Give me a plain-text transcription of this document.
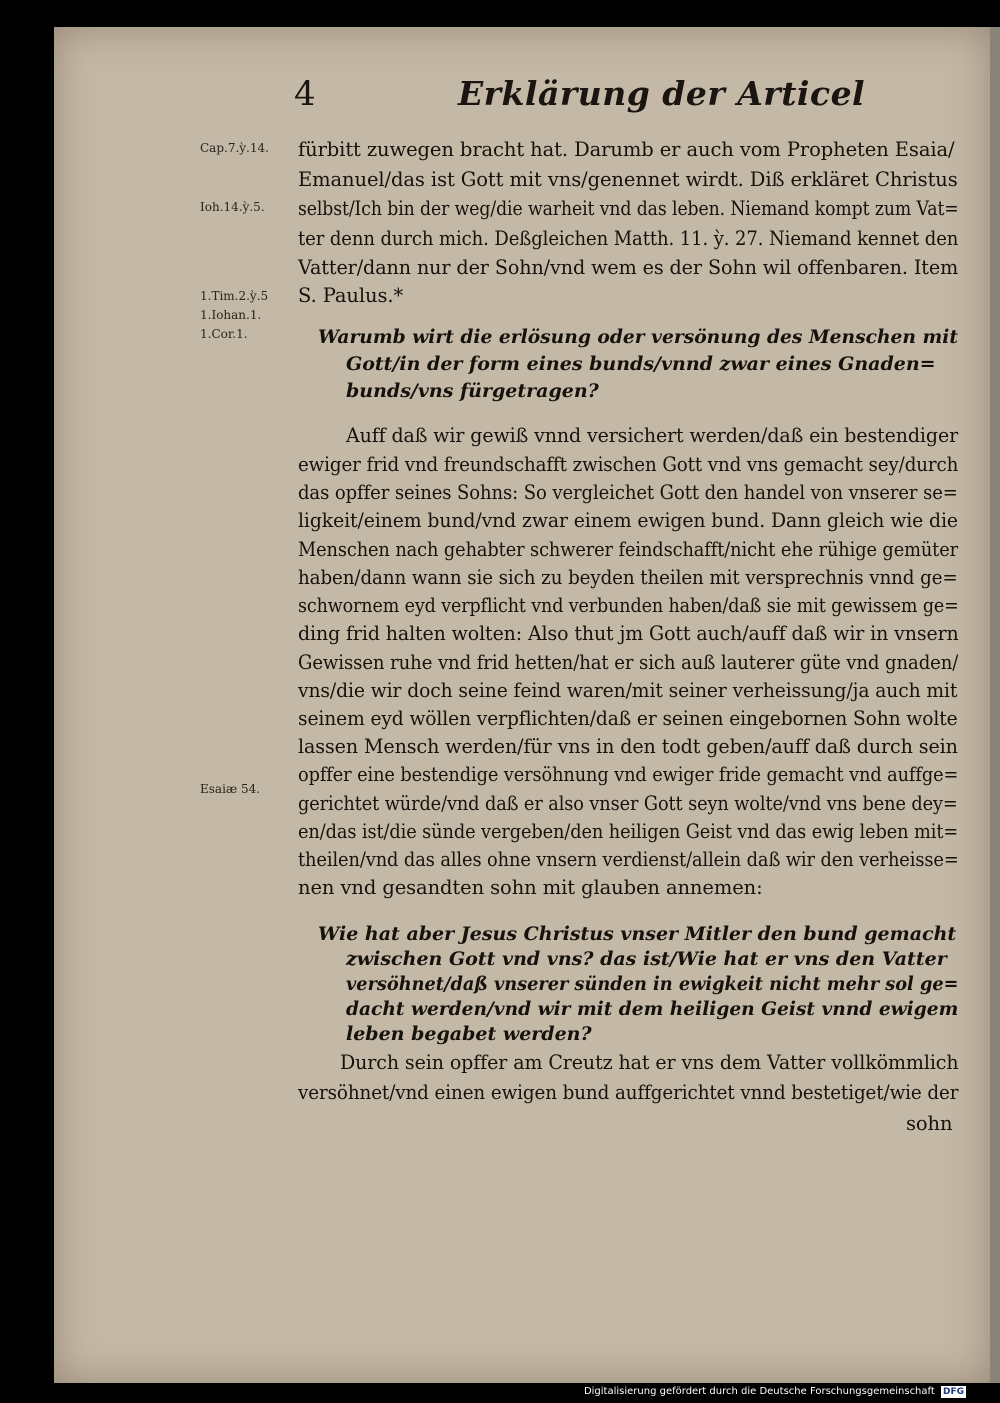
4	Erklärung der Articel
Cap.7.ỳ.14.
Ioh.14.ỳ.5.
1.Tim.2.ỳ.5
1.Iohan.1.
1.Cor.1.
Esaiæ 54.
fürbitt zuwegen bracht hat. Darumb er auch vom Propheten Esaia/
Emanuel/das ist Gott mit vns/genennet wirdt. Diß erkläret Christus
selbst/Ich bin der weg/die warheit vnd das leben. Niemand kompt zum Vat=
ter denn durch mich. Deßgleichen Matth. 11. ỳ. 27. Niemand kennet den
Vatter/dann nur der Sohn/vnd wem es der Sohn wil offenbaren. Item
S. Paulus.*
Warumb wirt die erlösung oder versönung des Menschen mit
Gott/in der form eines bunds/vnnd zwar eines Gnaden=
bunds/vns fürgetragen?
Auff daß wir gewiß vnnd versichert werden/daß ein bestendiger
ewiger frid vnd freundschafft zwischen Gott vnd vns gemacht sey/durch
das opffer seines Sohns: So vergleichet Gott den handel von vnserer se=
ligkeit/einem bund/vnd zwar einem ewigen bund. Dann gleich wie die
Menschen nach gehabter schwerer feindschafft/nicht ehe rühige gemüter
haben/dann wann sie sich zu beyden theilen mit versprechnis vnnd ge=
schwornem eyd verpflicht vnd verbunden haben/daß sie mit gewissem ge=
ding frid halten wolten: Also thut jm Gott auch/auff daß wir in vnsern
Gewissen ruhe vnd frid hetten/hat er sich auß lauterer güte vnd gnaden/
vns/die wir doch seine feind waren/mit seiner verheissung/ja auch mit
seinem eyd wöllen verpflichten/daß er seinen eingebornen Sohn wolte
lassen Mensch werden/für vns in den todt geben/auff daß durch sein
opffer eine bestendige versöhnung vnd ewiger fride gemacht vnd auffge=
gerichtet würde/vnd daß er also vnser Gott seyn wolte/vnd vns bene dey=
en/das ist/die sünde vergeben/den heiligen Geist vnd das ewig leben mit=
theilen/vnd das alles ohne vnsern verdienst/allein daß wir den verheisse=
nen vnd gesandten sohn mit glauben annemen:
Wie hat aber Jesus Christus vnser Mitler den bund gemacht
zwischen Gott vnd vns? das ist/Wie hat er vns den Vatter
versöhnet/daß vnserer sünden in ewigkeit nicht mehr sol ge=
dacht werden/vnd wir mit dem heiligen Geist vnnd ewigem
leben begabet werden?
Durch sein opffer am Creutz hat er vns dem Vatter vollkömmlich
versöhnet/vnd einen ewigen bund auffgerichtet vnnd bestetiget/wie der
sohn
Digitalisierung gefördert durch die Deutsche Forschungsgemeinschaft DFG
